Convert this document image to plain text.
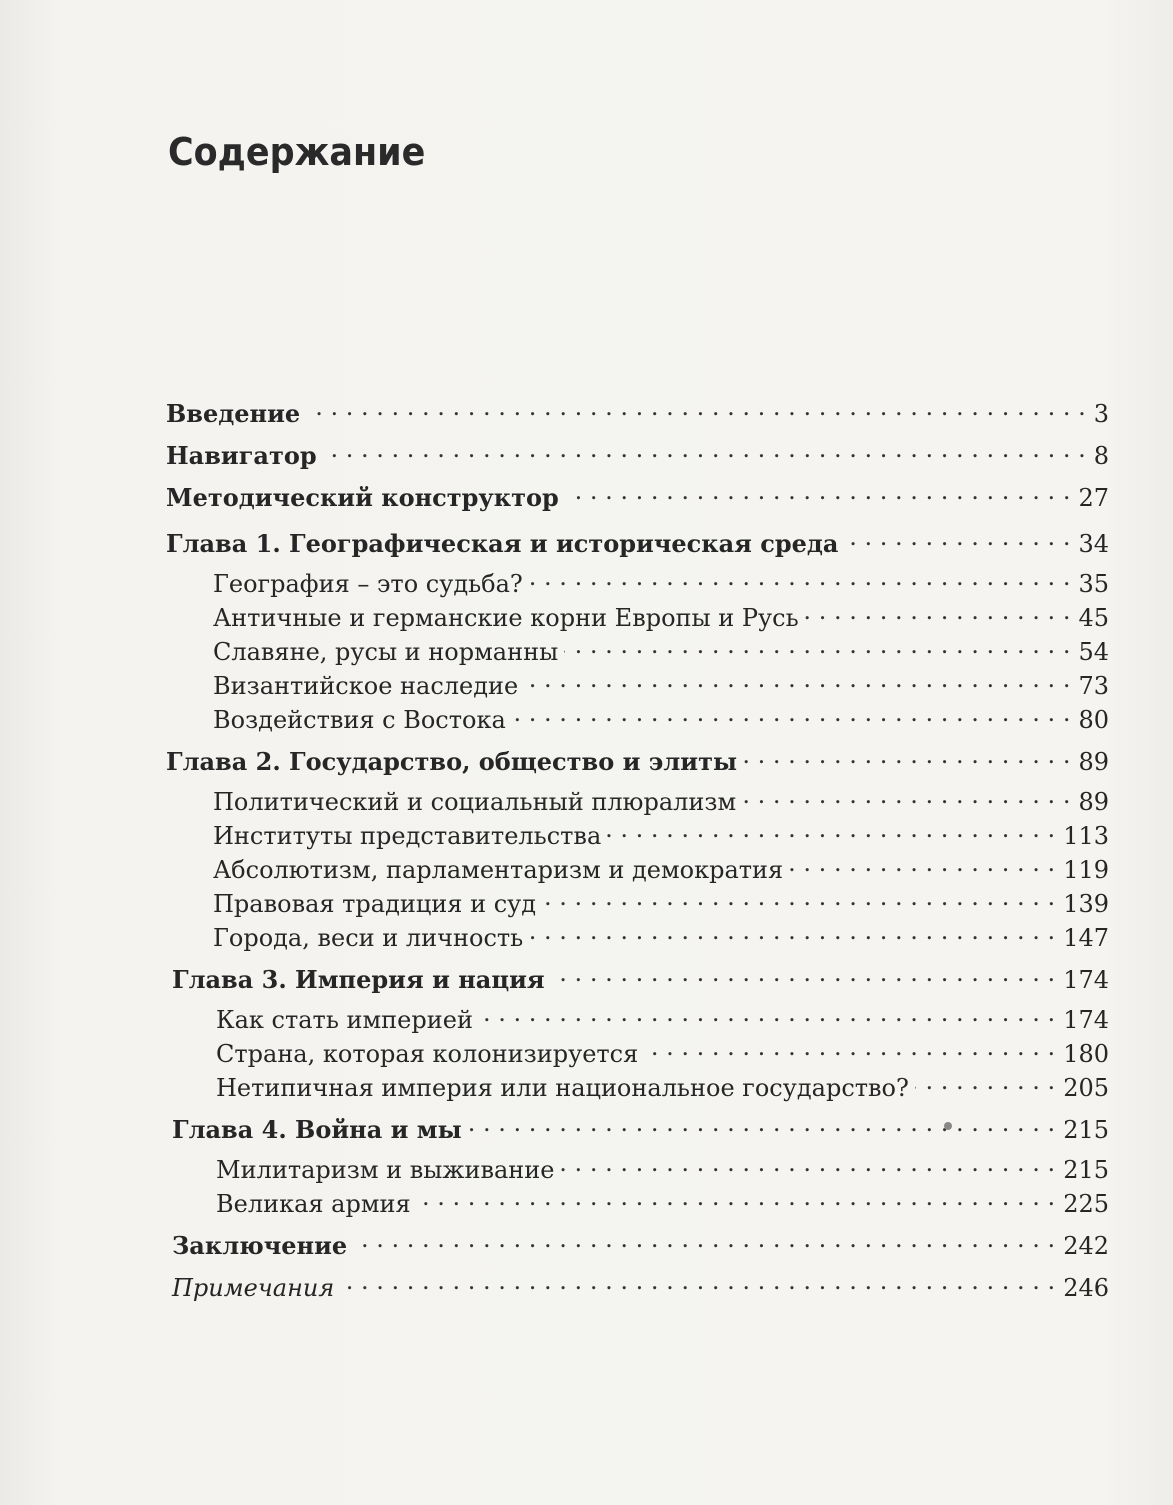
Содержание
Введение . . .	3
Навигатор . . .	8
Методический конструктор . . .	27
Глава 1. Географическая и историческая среда . . .	34
География – это судьба? . . .	35
Античные и германские корни Европы и Русь . . .	45
Славяне, русы и норманны . . .	54
Византийское наследие . . .	73
Воздействия с Востока . . .	80
Глава 2. Государство, общество и элиты . . .	89
Политический и социальный плюрализм . . .	89
Институты представительства . . .	113
Абсолютизм, парламентаризм и демократия . . .	119
Правовая традиция и суд . . .	139
Города, веси и личность . . .	147
Глава 3. Империя и нация . . .	174
Как стать империей . . .	174
Страна, которая колонизируется . . .	180
Нетипичная империя или национальное государство? . . .	205
Глава 4. Война и мы . . .	215
Милитаризм и выживание . . .	215
Великая армия . . .	225
Заключение . . .	242
Примечания . . .	246
